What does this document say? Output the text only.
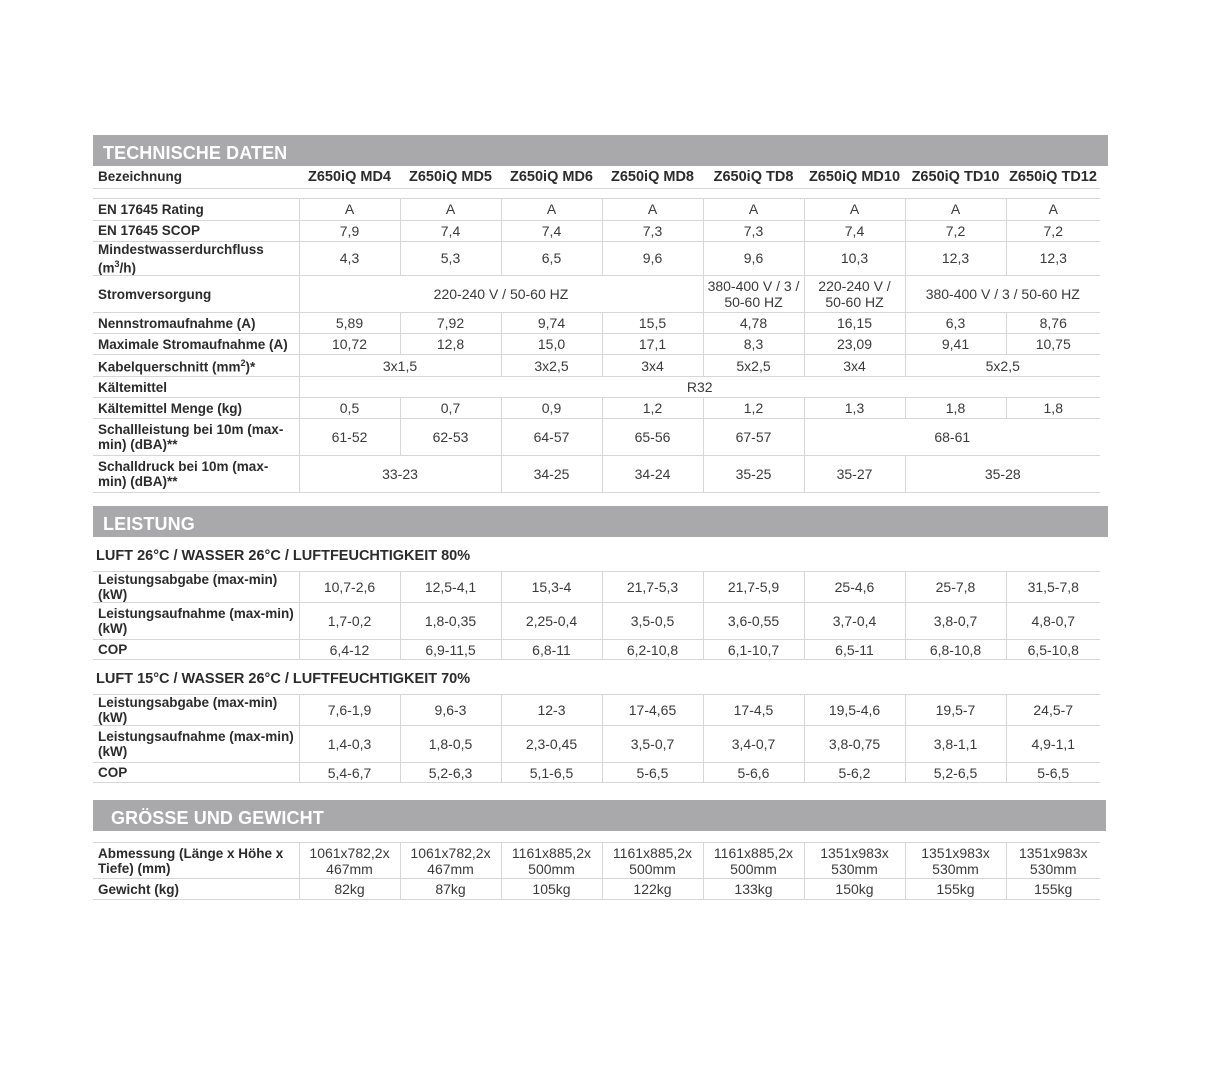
TECHNISCHE DATEN
Bezeichnung	Z650iQ MD4	Z650iQ MD5	Z650iQ MD6	Z650iQ MD8	Z650iQ TD8	Z650iQ MD10	Z650iQ TD10	Z650iQ TD12

EN 17645 Rating	A	A	A	A	A	A	A	A
EN 17645 SCOP	7,9	7,4	7,4	7,3	7,3	7,4	7,2	7,2
Mindestwasserdurchfluss $(m^3/h)$	4,3	5,3	6,5	9,6	9,6	10,3	12,3	12,3
Stromversorgung	220-240 V / 50-60 HZ				380-400 V / 3 / 50-60 HZ	220-240 V / 50-60 HZ	380-400 V / 3 / 50-60 HZ	
Nennstromaufnahme (A)	5,89	7,92	9,74	15,5	4,78	16,15	6,3	8,76
Maximale Stromaufnahme (A)	10,72	12,8	15,0	17,1	8,3	23,09	9,41	10,75
Kabelquerschnitt $(mm^2)*$	3x1,5		3x2,5	3x4	5x2,5	3x4	5x2,5	
Kältemittel	R32							
Kältemittel Menge (kg)	0,5	0,7	0,9	1,2	1,2	1,3	1,8	1,8
Schallleistung bei 10m (max-min) (dBA)**	61-52	62-53	64-57	65-56	67-57	68-61		
Schalldruck bei 10m (max-min) (dBA)**	33-23		34-25	34-24	35-25	35-27	35-28	
LEISTUNG
LUFT 26°C / WASSER 26°C / LUFTFEUCHTIGKEIT 80%
Leistungsabgabe (max-min) (kW)	10,7-2,6	12,5-4,1	15,3-4	21,7-5,3	21,7-5,9	25-4,6	25-7,8	31,5-7,8
Leistungsaufnahme (max-min) (kW)	1,7-0,2	1,8-0,35	2,25-0,4	3,5-0,5	3,6-0,55	3,7-0,4	3,8-0,7	4,8-0,7
COP	6,4-12	6,9-11,5	6,8-11	6,2-10,8	6,1-10,7	6,5-11	6,8-10,8	6,5-10,8
LUFT 15°C / WASSER 26°C / LUFTFEUCHTIGKEIT 70%
Leistungsabgabe (max-min) (kW)	7,6-1,9	9,6-3	12-3	17-4,65	17-4,5	19,5-4,6	19,5-7	24,5-7
Leistungsaufnahme (max-min) (kW)	1,4-0,3	1,8-0,5	2,3-0,45	3,5-0,7	3,4-0,7	3,8-0,75	3,8-1,1	4,9-1,1
COP	5,4-6,7	5,2-6,3	5,1-6,5	5-6,5	5-6,6	5-6,2	5,2-6,5	5-6,5
GRÖSSE UND GEWICHT
Abmessung (Länge x Höhe x Tiefe) (mm)	1061x782,2x 467mm	1061x782,2x 467mm	1161x885,2x 500mm	1161x885,2x 500mm	1161x885,2x 500mm	1351x983x 530mm	1351x983x 530mm	1351x983x 530mm
Gewicht (kg)	82kg	87kg	105kg	122kg	133kg	150kg	155kg	155kg
